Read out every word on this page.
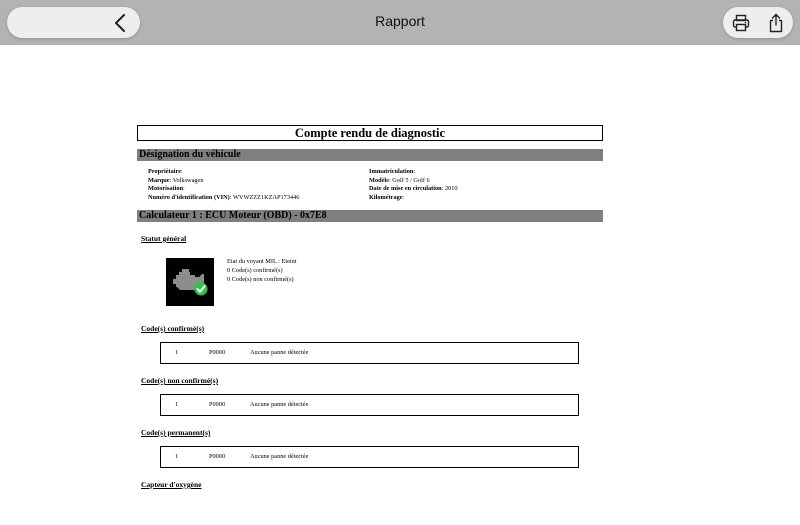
Rapport
Compte rendu de diagnostic
Désignation du véhicule
Propriétaire:
Marque: Volkswagen
Motorisation:
Numéro d'identification (VIN): WVWZZZ1KZAP173446
Immatriculation:
Modèle: Golf 5 / Golf 6
Date de mise en circulation: 2010
Kilométrage:
Calculateur 1 : ECU Moteur (OBD) - 0x7E8
Statut général
Etat du voyant MIL : Eteint
0 Code(s) confirmé(s)
0 Code(s) non confirmé(s)
Code(s) confirmé(s)
1	P0000	Aucune panne détectée
Code(s) non confirmé(s)
1	P0000	Aucune panne détectée
Code(s) permanent(s)
1	P0000	Aucune panne détectée
Capteur d'oxygène
